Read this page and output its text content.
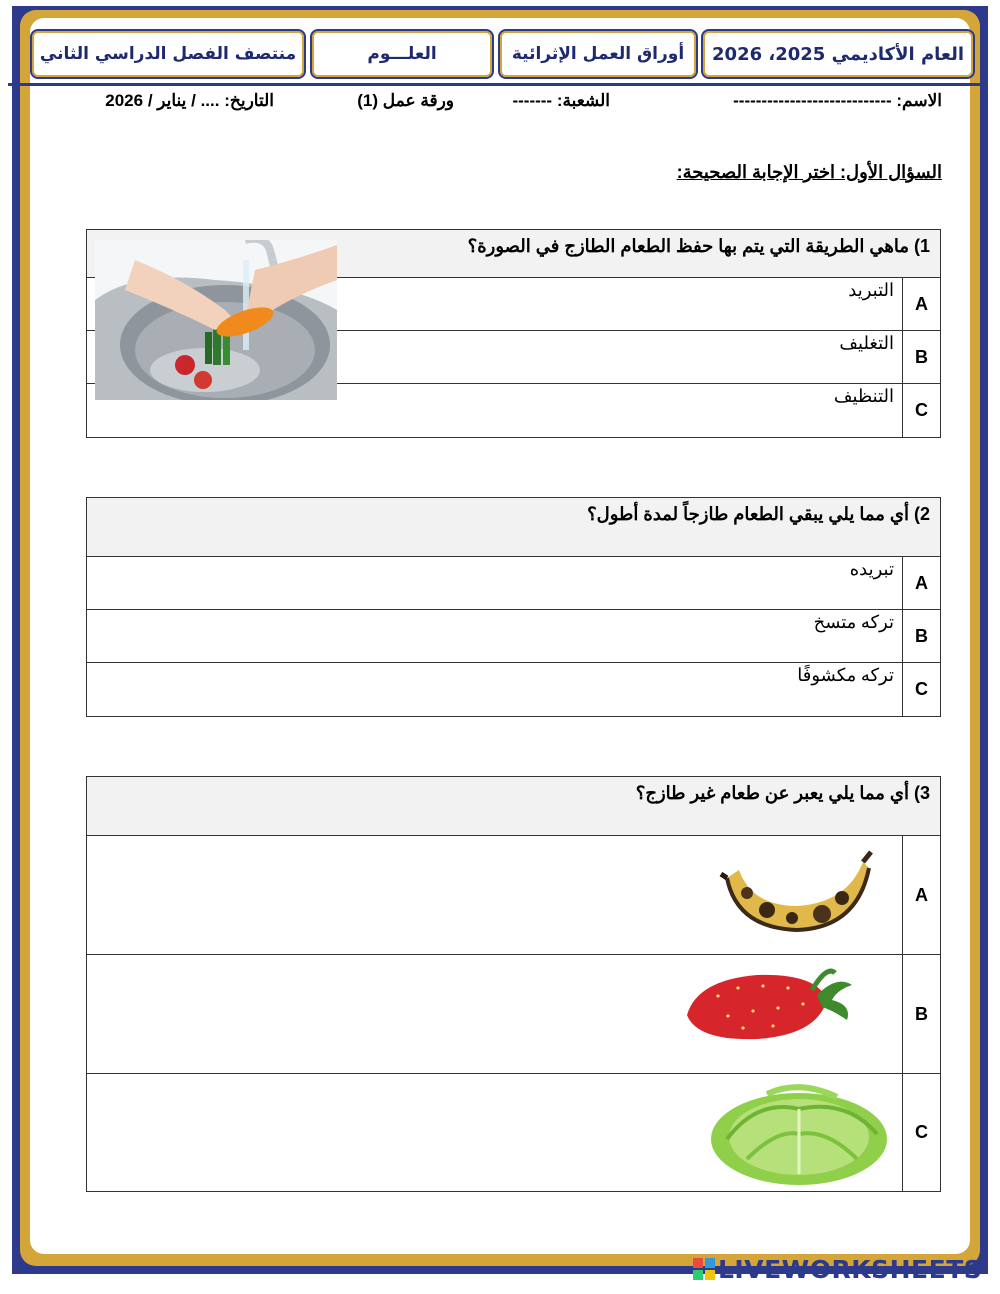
العام الأكاديمي 2025، 2026
أوراق العمل الإثرائية
العلـــوم
منتصف الفصل الدراسي الثاني
الاسم: ----------------------------
الشعبة: -------
ورقة عمل (1)
التاريخ: .... / يناير / 2026
السؤال الأول: اختر الإجابة الصحيحة:
1) ماهي الطريقة التي يتم بها حفظ الطعام الطازج في الصورة؟	
A	التبريد
B	التغليف
C	التنظيف
2) أي مما يلي يبقي الطعام طازجاً لمدة أطول؟	
A	تبريده
B	تركه متسخ
C	تركه مكشوفًا
3) أي مما يلي يعبر عن طعام غير طازج؟	
A	

B	

C	
LIVEWORKSHEETS
